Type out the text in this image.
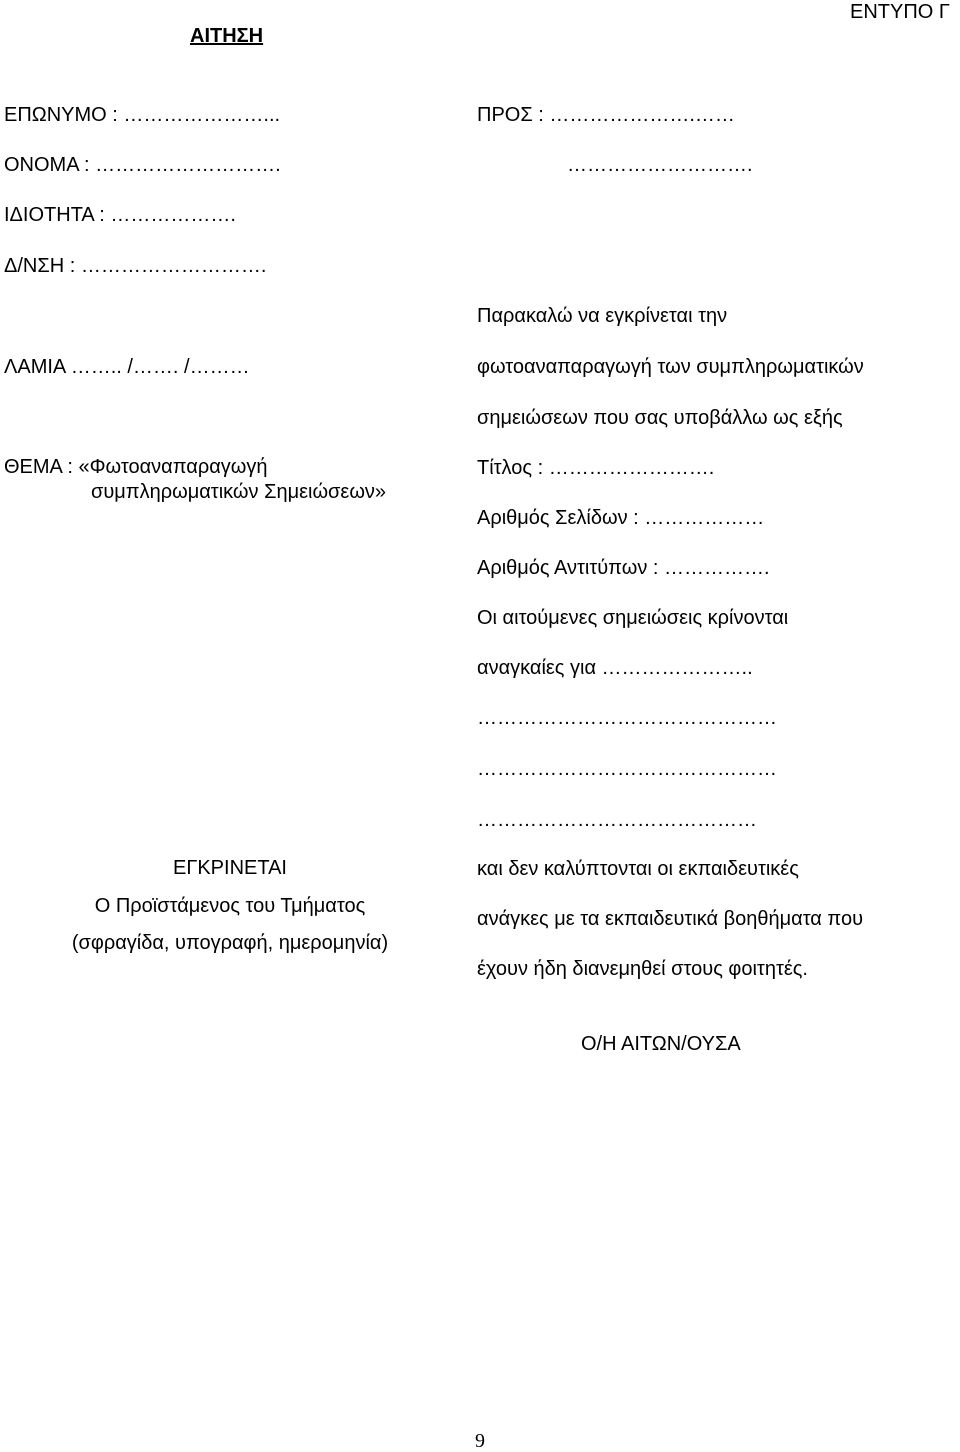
ΕΝΤΥΠΟ Γ
ΑΙΤΗΣΗ
ΕΠΩΝΥΜΟ : …………………...
ΟΝΟΜΑ : ……………………….
ΙΔΙΟΤΗΤΑ : ……………….
Δ/ΝΣΗ : ……………………….
ΠΡΟΣ : ………………….……
……………………….
Παρακαλώ να εγκρίνεται την
ΛΑΜΙΑ …….. /……. /………	φωτοαναπαραγωγή των συμπληρωματικών
σημειώσεων που σας υποβάλλω ως εξής
ΘΕΜΑ : «Φωτοαναπαραγωγή
συμπληρωματικών Σημειώσεων»
Τίτλος : …………………….
Αριθμός Σελίδων : ………………
Αριθμός Αντιτύπων : …………….
Οι αιτούμενες σημειώσεις κρίνονται
αναγκαίες για …………………..
………………………………………
………………………………………
……………………………………
ΕΓΚΡΙΝΕΤΑΙ
Ο Προϊστάμενος του Τμήματος
(σφραγίδα, υπογραφή, ημερομηνία)
και δεν καλύπτονται οι εκπαιδευτικές
ανάγκες με τα εκπαιδευτικά βοηθήματα που
έχουν ήδη διανεμηθεί στους φοιτητές.
Ο/Η ΑΙΤΩΝ/ΟΥΣΑ
9
